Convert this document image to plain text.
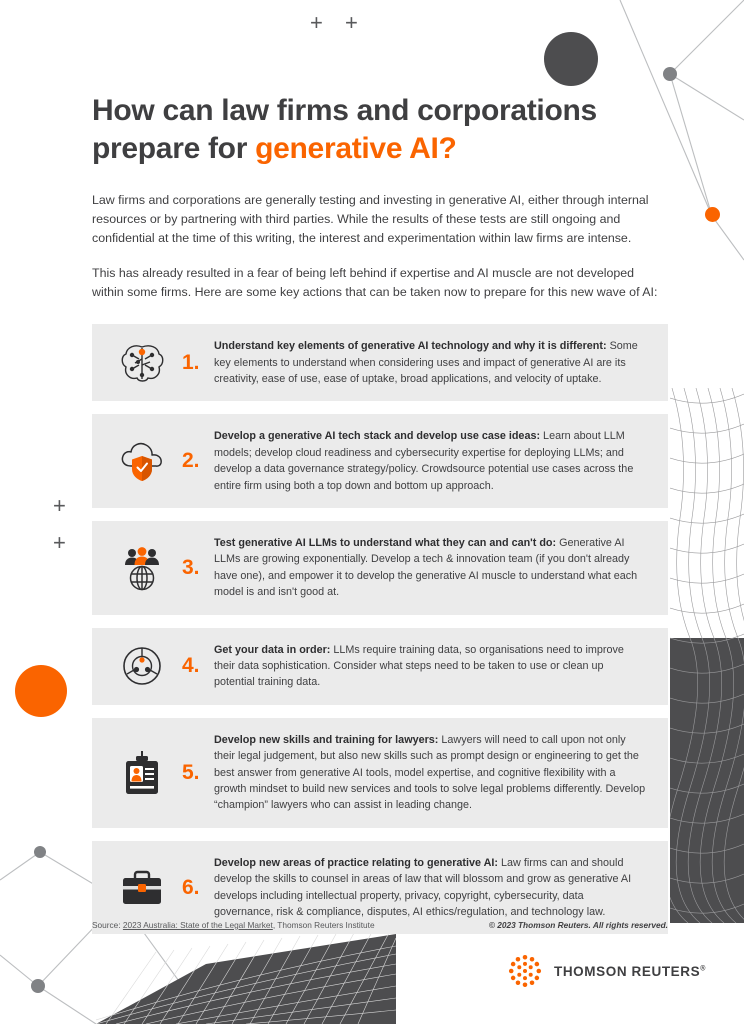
+ +
+
+
How can law firms and corporations
prepare for generative AI?

Law firms and corporations are generally testing and investing in generative AI, either through internal resources or by partnering with third parties. While the results of these tests are still ongoing and confidential at the time of this writing, the interest and experimentation within law firms are intense.

This has already resulted in a fear of being left behind if expertise and AI muscle are not developed within some firms. Here are some key actions that can be taken now to prepare for this new wave of AI:

1.
Understand key elements of generative AI technology and why it is different: Some key elements to understand when considering uses and impact of generative AI are its creativity, ease of use, ease of uptake, broad applications, and velocity of uptake.
2.
Develop a generative AI tech stack and develop use case ideas: Learn about LLM models; develop cloud readiness and cybersecurity expertise for deploying LLMs; and develop a data governance strategy/policy. Crowdsource potential use cases across the entire firm using both a top down and bottom up approach.
3.
Test generative AI LLMs to understand what they can and can't do: Generative AI LLMs are growing exponentially. Develop a tech & innovation team (if you don't already have one), and empower it to develop the generative AI muscle to understand what each model is and isn't good at.
4.
Get your data in order: LLMs require training data, so organisations need to improve their data sophistication. Consider what steps need to be taken to use or clean up potential training data.
5.
Develop new skills and training for lawyers: Lawyers will need to call upon not only their legal judgement, but also new skills such as prompt design or engineering to get the best answer from generative AI tools, model expertise, and cognitive flexibility with a growth mindset to build new services and tools to solve legal problems differently. Develop “champion” lawyers who can assist in leading change.
6.
Develop new areas of practice relating to generative AI: Law firms can and should develop the skills to counsel in areas of law that will blossom and grow as generative AI develops including intellectual property, privacy, copyright, cybersecurity, data governance, risk & compliance, disputes, AI ethics/regulation, and technology law.
Source: 2023 Australia: State of the Legal Market, Thomson Reuters Institute	© 2023 Thomson Reuters. All rights reserved.
THOMSON REUTERS®
